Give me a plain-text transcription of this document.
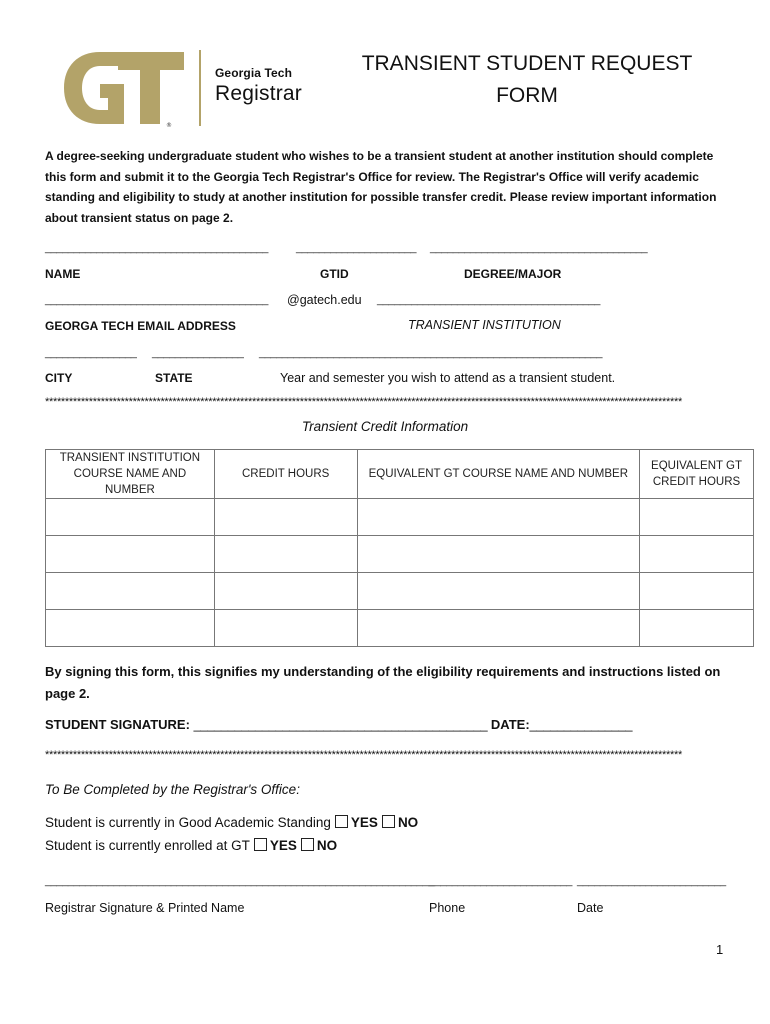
®
Georgia Tech
Registrar
TRANSIENT STUDENT REQUEST
FORM
A degree-seeking undergraduate student who wishes to be a transient student at another institution should complete this form and submit it to the Georgia Tech Registrar's Office for review. The Registrar's Office will verify academic standing and eligibility to study at another institution for possible transfer credit. Please review important information about transient status on page 2.
_______________________________________	_____________________ ______________________________________
NAME	GTID	DEGREE/MAJOR
_______________________________________ @gatech.edu _______________________________________
GEORGA TECH EMAIL ADDRESS	TRANSIENT INSTITUTION
________________ ________________ ____________________________________________________________
CITY	STATE	Year and semester you wish to attend as a transient student.
****************************************************************************************************************************************************************
Transient Credit Information
TRANSIENT INSTITUTION COURSE NAME AND NUMBER	CREDIT HOURS	EQUIVALENT GT COURSE NAME AND NUMBER	EQUIVALENT GT CREDIT HOURS

By signing this form, this signifies my understanding of the eligibility requirements and instructions listed on page 2.
STUDENT SIGNATURE: ___________________________________________ DATE:_______________
****************************************************************************************************************************************************************
To Be Completed by the Registrar's Office:
Student is currently in Good Academic Standing YES NO
Student is currently enrolled at GT YES NO
____________________________________________________________________
_________________________ __________________________
Registrar Signature & Printed Name	Phone	Date
1
